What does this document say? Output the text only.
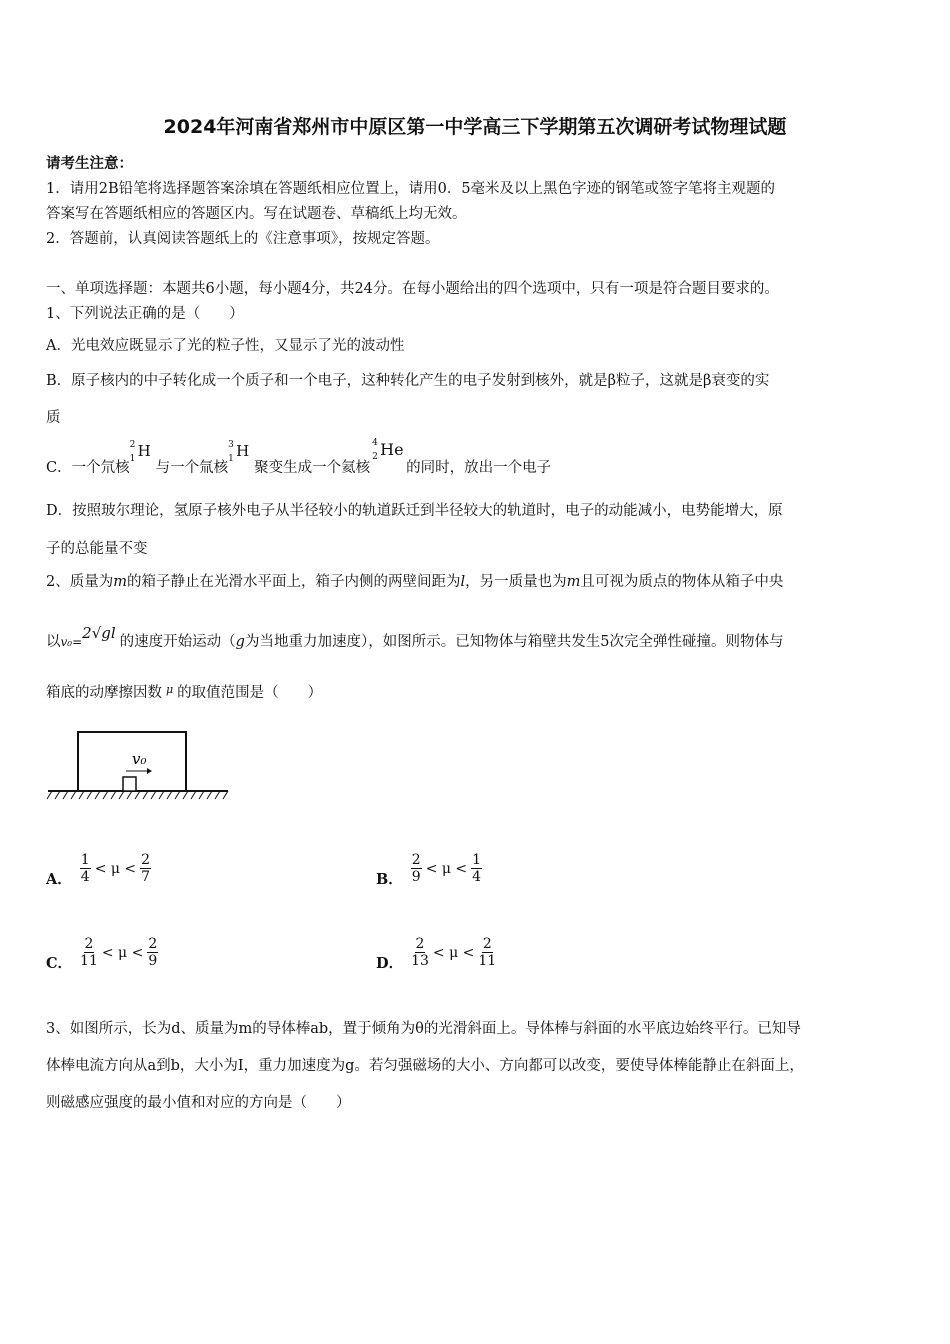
2024年河南省郑州市中原区第一中学高三下学期第五次调研考试物理试题
请考生注意：
1．请用2B铅笔将选择题答案涂填在答题纸相应位置上，请用0．5毫米及以上黑色字迹的钢笔或签字笔将主观题的
答案写在答题纸相应的答题区内。写在试题卷、草稿纸上均无效。
2．答题前，认真阅读答题纸上的《注意事项》，按规定答题。
一、单项选择题：本题共6小题，每小题4分，共24分。在每小题给出的四个选项中，只有一项是符合题目要求的。
1、下列说法正确的是（　　）
A．光电效应既显示了光的粒子性，又显示了光的波动性
B．原子核内的中子转化成一个质子和一个电子，这种转化产生的电子发射到核外，就是β粒子，这就是β衰变的实
质
C．一个氘核
2
1 H
与一个氚核
3
1 H
聚变生成一个氦核
4
2 He
的同时，放出一个电子
D．按照玻尔理论，氢原子核外电子从半径较小的轨道跃迁到半径较大的轨道时，电子的动能减小，电势能增大，原
子的总能量不变
2、质量为m的箱子静止在光滑水平面上，箱子内侧的两壁间距为l，另一质量也为m且可视为质点的物体从箱子中央
以v₀=2√gl 的速度开始运动（g为当地重力加速度），如图所示。已知物体与箱壁共发生5次完全弹性碰撞。则物体与
箱底的动摩擦因数 $^\mu$ 的取值范围是（　　）
v₀
A． $\frac{1}{4} < \mu < \frac{2}{7}$	B． $\frac{2}{9} < \mu < \frac{1}{4}$
C． $\frac{2}{11} < \mu < \frac{2}{9}$	D． $\frac{2}{13} < \mu < \frac{2}{11}$
3、如图所示，长为d、质量为m的导体棒ab，置于倾角为θ的光滑斜面上。导体棒与斜面的水平底边始终平行。已知导
体棒电流方向从a到b，大小为I，重力加速度为g。若匀强磁场的大小、方向都可以改变，要使导体棒能静止在斜面上，
则磁感应强度的最小值和对应的方向是（　　）
